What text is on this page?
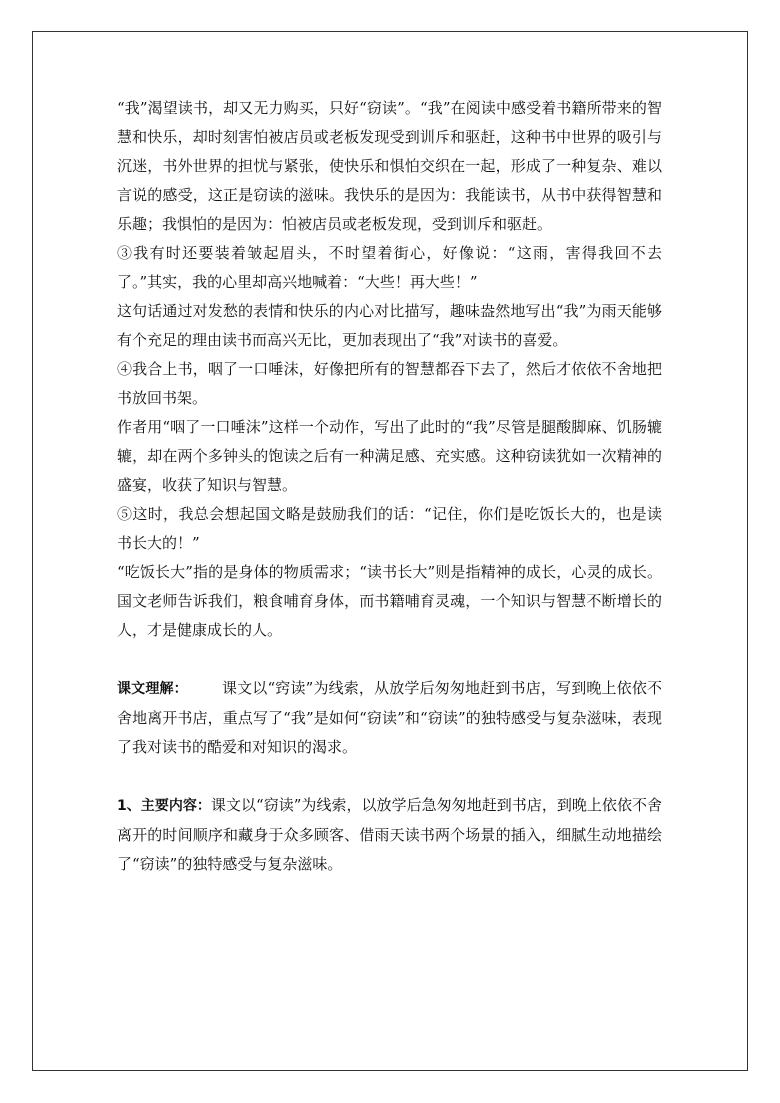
“我”渴望读书，却又无力购买，只好“窃读”。“我”在阅读中感受着书籍所带来的智慧和快乐，却时刻害怕被店员或老板发现受到训斥和驱赶，这种书中世界的吸引与沉迷，书外世界的担忧与紧张，使快乐和惧怕交织在一起，形成了一种复杂、难以言说的感受，这正是窃读的滋味。我快乐的是因为：我能读书，从书中获得智慧和乐趣；我惧怕的是因为：怕被店员或老板发现，受到训斥和驱赶。

③我有时还要装着皱起眉头，不时望着街心，好像说：“这雨，害得我回不去了。”其实，我的心里却高兴地喊着：“大些！再大些！”

这句话通过对发愁的表情和快乐的内心对比描写，趣味盎然地写出“我”为雨天能够有个充足的理由读书而高兴无比，更加表现出了“我”对读书的喜爱。

④我合上书，咽了一口唾沫，好像把所有的智慧都吞下去了，然后才依依不舍地把书放回书架。

作者用“咽了一口唾沫”这样一个动作，写出了此时的“我”尽管是腿酸脚麻、饥肠辘辘，却在两个多钟头的饱读之后有一种满足感、充实感。这种窃读犹如一次精神的盛宴，收获了知识与智慧。

⑤这时，我总会想起国文略是鼓励我们的话：“记住，你们是吃饭长大的，也是读书长大的！”

“吃饭长大”指的是身体的物质需求；“读书长大”则是指精神的成长，心灵的成长。国文老师告诉我们，粮食哺育身体，而书籍哺育灵魂，一个知识与智慧不断增长的人，才是健康成长的人。

课文理解： 课文以“窍读”为线索，从放学后匆匆地赶到书店，写到晚上依依不舍地离开书店，重点写了“我”是如何“窃读”和“窃读”的独特感受与复杂滋味，表现了我对读书的酷爱和对知识的渴求。

1、主要内容：课文以“窃读”为线索，以放学后急匆匆地赶到书店，到晚上依依不舍离开的时间顺序和藏身于众多顾客、借雨天读书两个场景的插入，细腻生动地描绘了“窃读”的独特感受与复杂滋味。
